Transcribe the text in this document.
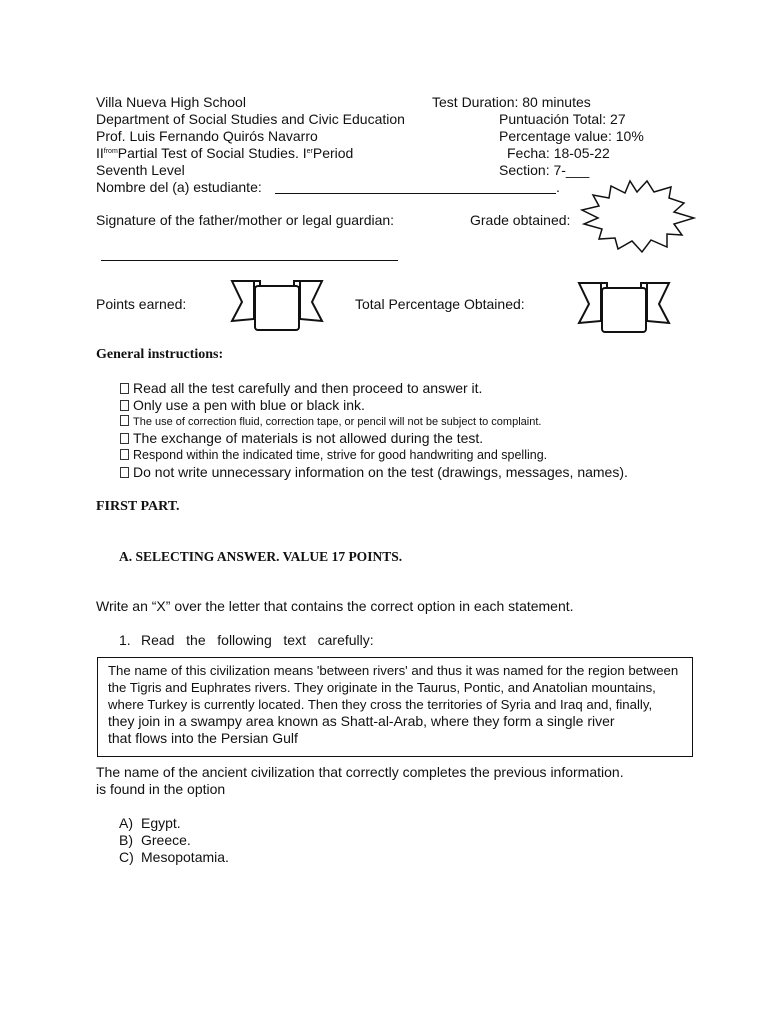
Villa Nueva High School
Department of Social Studies and Civic Education
Prof. Luis Fernando Quirós Navarro
$II^{from}Partial$ Test of Social Studies. IerPeriod
Seventh Level
Nombre del (a) estudiante:	.
Test Duration: 80 minutes
Puntuación Total: 27
Percentage value: 10%
Fecha: 18-05-22
Section: 7-___
Signature of the father/mother or legal guardian:	Grade obtained:
Points earned:	Total Percentage Obtained:
General instructions:
Read all the test carefully and then proceed to answer it.
Only use a pen with blue or black ink.
The use of correction fluid, correction tape, or pencil will not be subject to complaint.
The exchange of materials is not allowed during the test.
Respond within the indicated time, strive for good handwriting and spelling.
Do not write unnecessary information on the test (drawings, messages, names).
FIRST PART.
A. SELECTING ANSWER. VALUE 17 POINTS.
Write an “X” over the letter that contains the correct option in each statement.
1. Read   the   following   text   carefully:
The name of this civilization means 'between rivers' and thus it was named for the region between
the Tigris and Euphrates rivers. They originate in the Taurus, Pontic, and Anatolian mountains,
where Turkey is currently located. Then they cross the territories of Syria and Iraq and, finally,
they join in a swampy area known as Shatt-al-Arab, where they form a single river
that flows into the Persian Gulf
The name of the ancient civilization that correctly completes the previous information.
is found in the option
A) Egypt.
B) Greece.
C) Mesopotamia.
